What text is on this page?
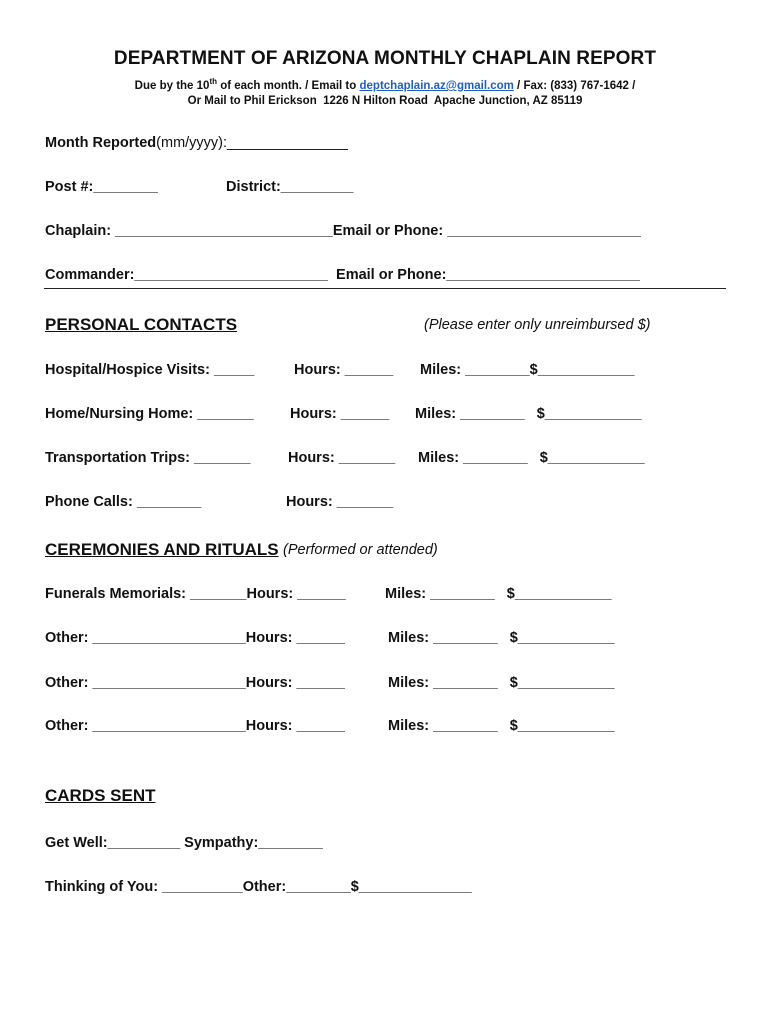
DEPARTMENT OF ARIZONA MONTHLY CHAPLAIN REPORT
Due by the 10th of each month. / Email to deptchaplain.az@gmail.com / Fax: (833) 767-1642 /
Or Mail to Phil Erickson  1226 N Hilton Road  Apache Junction, AZ 85119
Month Reported(mm/yyyy):_______________
Post #:________	District:_________
Chaplain: ___________________________Email or Phone: ________________________
Commander:________________________  Email or Phone:________________________
PERSONAL CONTACTS	(Please enter only unreimbursed $)
Hospital/Hospice Visits: _____	Hours: ______ Miles: ________$____________
Home/Nursing Home: _______	Hours: ______ Miles: ________   $____________
Transportation Trips: _______	Hours: _______ Miles: ________   $____________
Phone Calls: ________	Hours: _______
CEREMONIES AND RITUALS (Performed or attended)
Funerals Memorials: _______Hours: ______	Miles: ________   $____________
Other: ___________________Hours: ______	Miles: ________   $____________
Other: ___________________Hours: ______	Miles: ________   $____________
Other: ___________________Hours: ______	Miles: ________   $____________
CARDS SENT
Get Well:_________ Sympathy:________
Thinking of You: __________Other:________$______________
